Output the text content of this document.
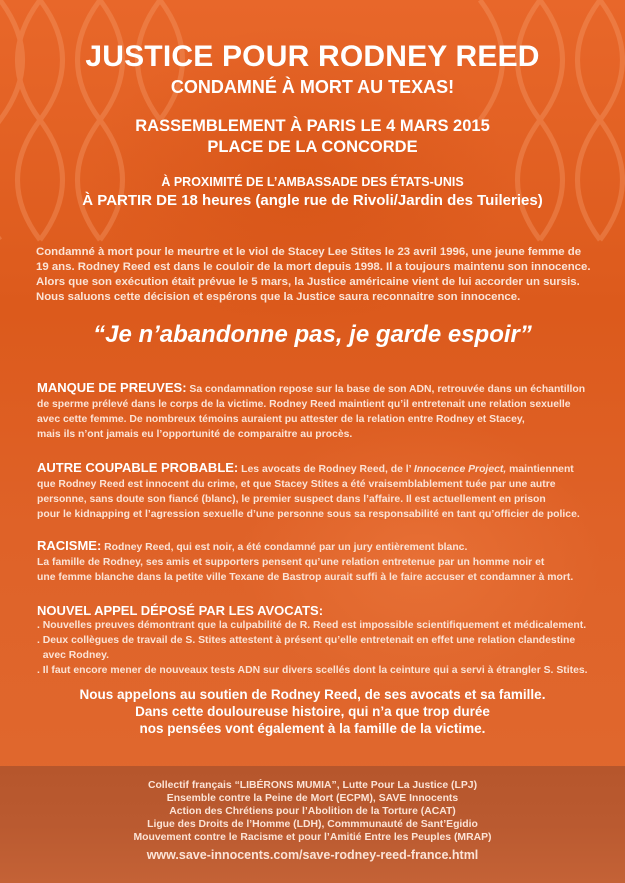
JUSTICE POUR RODNEY REED
CONDAMNÉ À MORT AU TEXAS!
RASSEMBLEMENT À PARIS LE 4 MARS 2015
PLACE DE LA CONCORDE
À PROXIMITÉ DE L’AMBASSADE DES ÉTATS-UNIS
À PARTIR DE 18 heures (angle rue de Rivoli/Jardin des Tuileries)
Condamné à mort pour le meurtre et le viol de Stacey Lee Stites le 23 avril 1996, une jeune femme de
19 ans. Rodney Reed est dans le couloir de la mort depuis 1998. Il a toujours maintenu son innocence.
Alors que son exécution était prévue le 5 mars, la Justice américaine vient de lui accorder un sursis.
Nous saluons cette décision et espérons que la Justice saura reconnaitre son innocence.
“Je n’abandonne pas, je garde espoir”
MANQUE DE PREUVES: Sa condamnation repose sur la base de son ADN, retrouvée dans un échantillon
de sperme prélevé dans le corps de la victime. Rodney Reed maintient qu’il entretenait une relation sexuelle
avec cette femme. De nombreux témoins auraient pu attester de la relation entre Rodney et Stacey,
mais ils n’ont jamais eu l’opportunité de comparaitre au procès.
AUTRE COUPABLE PROBABLE: Les avocats de Rodney Reed, de l’ Innocence Project, maintiennent
que Rodney Reed est innocent du crime, et que Stacey Stites a été vraisemblablement tuée par une autre
personne, sans doute son fiancé (blanc), le premier suspect dans l’affaire. Il est actuellement en prison
pour le kidnapping et l’agression sexuelle d’une personne sous sa responsabilité en tant qu’officier de police.
RACISME: Rodney Reed, qui est noir, a été condamné par un jury entièrement blanc.
La famille de Rodney, ses amis et supporters pensent qu’une relation entretenue par un homme noir et
une femme blanche dans la petite ville Texane de Bastrop aurait suffi à le faire accuser et condamner à mort.
NOUVEL APPEL DÉPOSÉ PAR LES AVOCATS:
. Nouvelles preuves démontrant que la culpabilité de R. Reed est impossible scientifiquement et médicalement.
. Deux collègues de travail de S. Stites attestent à présent qu’elle entretenait en effet une relation clandestine
avec Rodney.
. Il faut encore mener de nouveaux tests ADN sur divers scellés dont la ceinture qui a servi à étrangler S. Stites.
Nous appelons au soutien de Rodney Reed, de ses avocats et sa famille.
Dans cette douloureuse histoire, qui n’a que trop durée
nos pensées vont également à la famille de la victime.
Collectif français “LIBÉRONS MUMIA”, Lutte Pour La Justice (LPJ)
Ensemble contre la Peine de Mort (ECPM), SAVE Innocents
Action des Chrétiens pour l’Abolition de la Torture (ACAT)
Ligue des Droits de l’Homme (LDH), Commmunauté de Sant’Egidio
Mouvement contre le Racisme et pour l’Amitié Entre les Peuples (MRAP)
www.save-innocents.com/save-rodney-reed-france.html
